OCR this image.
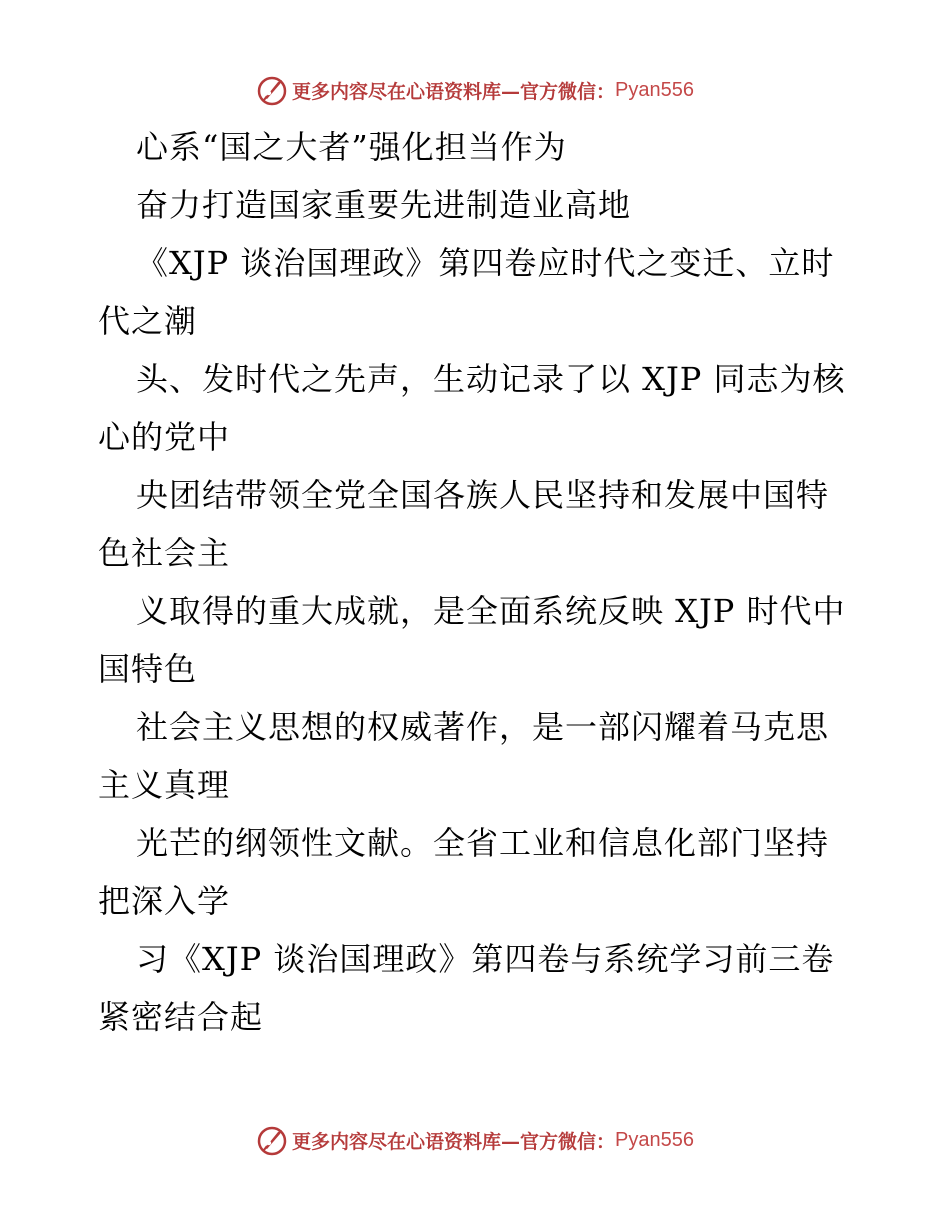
更多内容尽在心语资料库—官方微信： Pyan556

心系“国之大者”强化担当作为

奋力打造国家重要先进制造业高地

《XJP 谈治国理政》第四卷应时代之变迁、立时代之潮

头、发时代之先声，生动记录了以 XJP 同志为核心的党中

央团结带领全党全国各族人民坚持和发展中国特色社会主

义取得的重大成就，是全面系统反映 XJP 时代中国特色

社会主义思想的权威著作，是一部闪耀着马克思主义真理

光芒的纲领性文献。全省工业和信息化部门坚持把深入学

习《XJP 谈治国理政》第四卷与系统学习前三卷紧密结合起

更多内容尽在心语资料库—官方微信： Pyan556
